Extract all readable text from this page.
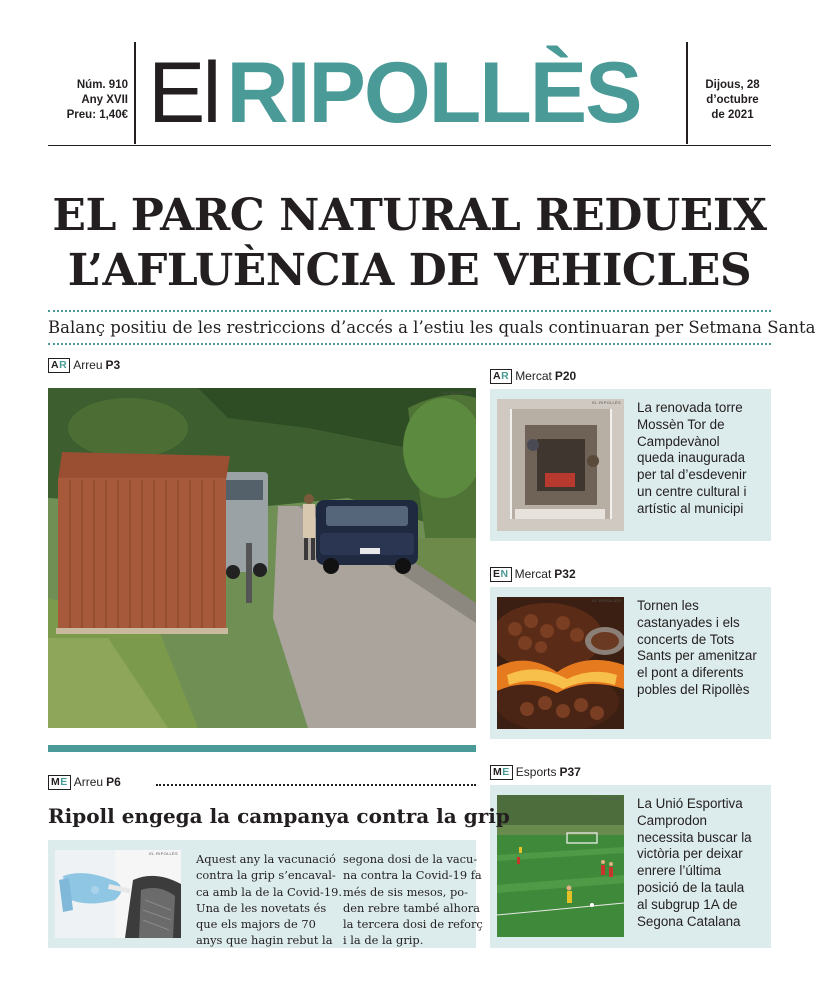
Núm. 910
Any XVII
Preu: 1,40€ ElRIPOLLÈS	Dijous, 28
d’octubre
de 2021
EL PARC NATURAL REDUEIX
L’AFLUÈNCIA DE VEHICLES
Balanç positiu de les restriccions d’accés a l’estiu les quals continuaran per Setmana Santa
AR Arreu P3
EL RIPOLLÈS
AR Mercat P20
EL RIPOLLÈS La renovada torre
Mossèn Tor de
Campdevànol
queda inaugurada
per tal d’esdevenir
un centre cultural i
artístic al municipi
EN Mercat P32
EL RIPOLLÈS Tornen les
castanyades i els
concerts de Tots
Sants per amenitzar
el pont a diferents
pobles del Ripollès
ME Esports P37
EL RIPOLLÈS La Unió Esportiva
Camprodon
necessita buscar la
victòria per deixar
enrere l’última
posició de la taula
al subgrup 1A de
Segona Catalana
ME Arreu P6
Ripoll engega la campanya contra la grip
EL RIPOLLÈS Aquest any la vacunació
contra la grip s’encaval-
ca amb la de la Covid-19.
Una de les novetats és
que els majors de 70
anys que hagin rebut la
segona dosi de la vacu-
na contra la Covid-19 fa
més de sis mesos, po-
den rebre també alhora
la tercera dosi de reforç
i la de la grip.
